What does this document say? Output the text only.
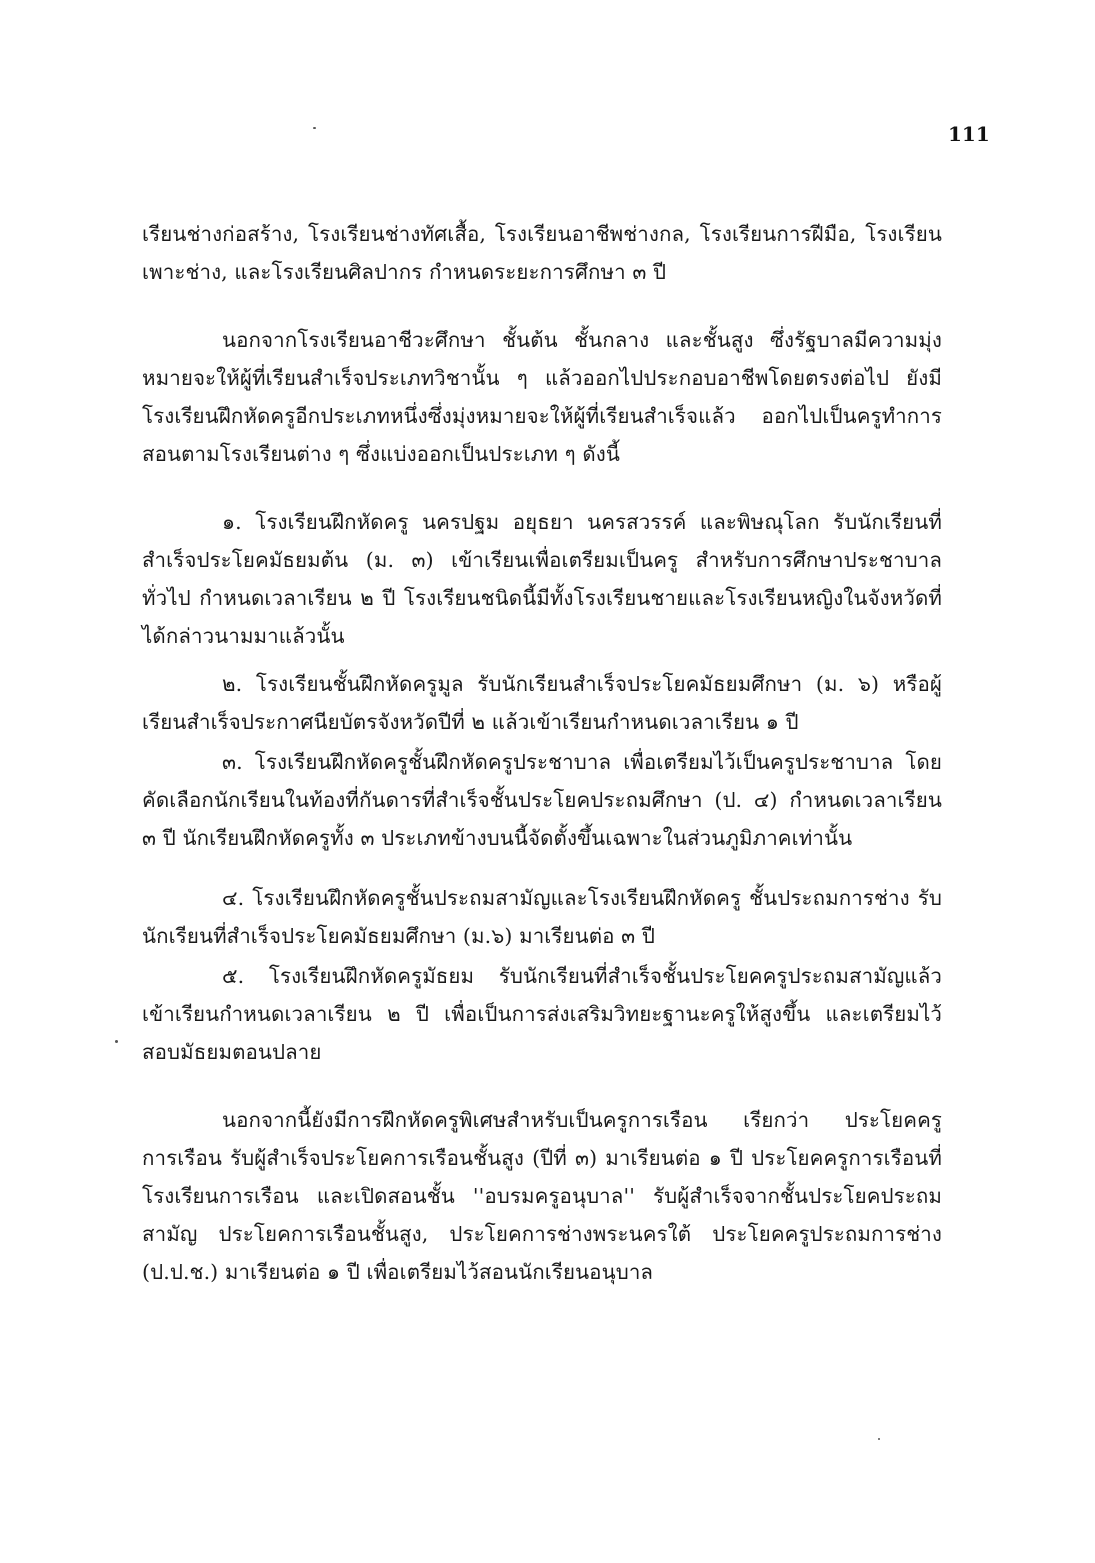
111

เรียนช่างก่อสร้าง, โรงเรียนช่างทัศเสื้อ, โรงเรียนอาชีพช่างกล, โรงเรียนการฝีมือ, โรงเรียนเพาะช่าง, และโรงเรียนศิลปากร กำหนดระยะการศึกษา ๓ ปี

นอกจากโรงเรียนอาชีวะศึกษา ชั้นต้น ชั้นกลาง และชั้นสูง ซึ่งรัฐบาลมีความมุ่งหมายจะให้ผู้ที่เรียนสำเร็จประเภทวิชานั้น ๆ แล้วออกไปประกอบอาชีพโดยตรงต่อไป ยังมีโรงเรียนฝึกหัดครูอีกประเภทหนึ่งซึ่งมุ่งหมายจะให้ผู้ที่เรียนสำเร็จแล้ว ออกไปเป็นครูทำการสอนตามโรงเรียนต่าง ๆ ซึ่งแบ่งออกเป็นประเภท ๆ ดังนี้

๑. โรงเรียนฝึกหัดครู นครปฐม อยุธยา นครสวรรค์ และพิษณุโลก รับนักเรียนที่สำเร็จประโยคมัธยมต้น (ม. ๓) เข้าเรียนเพื่อเตรียมเป็นครู สำหรับการศึกษาประชาบาลทั่วไป กำหนดเวลาเรียน ๒ ปี โรงเรียนชนิดนี้มีทั้งโรงเรียนชายและโรงเรียนหญิงในจังหวัดที่ได้กล่าวนามมาแล้วนั้น

๒. โรงเรียนชั้นฝึกหัดครูมูล รับนักเรียนสำเร็จประโยคมัธยมศึกษา (ม. ๖) หรือผู้เรียนสำเร็จประกาศนียบัตรจังหวัดปีที่ ๒ แล้วเข้าเรียนกำหนดเวลาเรียน ๑ ปี

๓. โรงเรียนฝึกหัดครูชั้นฝึกหัดครูประชาบาล เพื่อเตรียมไว้เป็นครูประชาบาล โดยคัดเลือกนักเรียนในท้องที่กันดารที่สำเร็จชั้นประโยคประถมศึกษา (ป. ๔) กำหนดเวลาเรียน ๓ ปี นักเรียนฝึกหัดครูทั้ง ๓ ประเภทข้างบนนี้จัดตั้งขึ้นเฉพาะในส่วนภูมิภาคเท่านั้น

๔. โรงเรียนฝึกหัดครูชั้นประถมสามัญและโรงเรียนฝึกหัดครู ชั้นประถมการช่าง รับนักเรียนที่สำเร็จประโยคมัธยมศึกษา (ม.๖) มาเรียนต่อ ๓ ปี

๕. โรงเรียนฝึกหัดครูมัธยม รับนักเรียนที่สำเร็จชั้นประโยคครูประถมสามัญแล้ว เข้าเรียนกำหนดเวลาเรียน ๒ ปี เพื่อเป็นการส่งเสริมวิทยะฐานะครูให้สูงขึ้น และเตรียมไว้สอบมัธยมตอนปลาย

นอกจากนี้ยังมีการฝึกหัดครูพิเศษสำหรับเป็นครูการเรือน เรียกว่า ประโยคครูการเรือน รับผู้สำเร็จประโยคการเรือนชั้นสูง (ปีที่ ๓) มาเรียนต่อ ๑ ปี ประโยคครูการเรือนที่โรงเรียนการเรือน และเปิดสอนชั้น ''อบรมครูอนุบาล'' รับผู้สำเร็จจากชั้นประโยคประถมสามัญ ประโยคการเรือนชั้นสูง, ประโยคการช่างพระนครใต้ ประโยคครูประถมการช่าง (ป.ป.ช.) มาเรียนต่อ ๑ ปี เพื่อเตรียมไว้สอนนักเรียนอนุบาล
